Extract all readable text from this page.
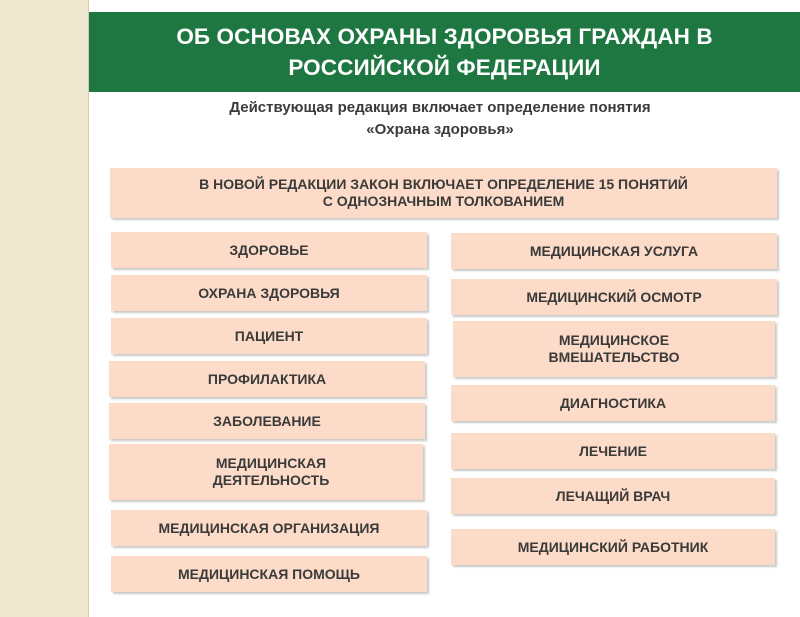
ОБ ОСНОВАХ ОХРАНЫ ЗДОРОВЬЯ ГРАЖДАН В РОССИЙСКОЙ ФЕДЕРАЦИИ
Действующая редакция включает определение понятия
«Охрана здоровья»
В НОВОЙ РЕДАКЦИИ ЗАКОН ВКЛЮЧАЕТ ОПРЕДЕЛЕНИЕ 15 ПОНЯТИЙ
С ОДНОЗНАЧНЫМ ТОЛКОВАНИЕМ
ЗДОРОВЬЕ
ОХРАНА ЗДОРОВЬЯ
ПАЦИЕНТ
ПРОФИЛАКТИКА
ЗАБОЛЕВАНИЕ
МЕДИЦИНСКАЯ ДЕЯТЕЛЬНОСТЬ
МЕДИЦИНСКАЯ ОРГАНИЗАЦИЯ
МЕДИЦИНСКАЯ ПОМОЩЬ
МЕДИЦИНСКАЯ УСЛУГА
МЕДИЦИНСКИЙ ОСМОТР
МЕДИЦИНСКОЕ ВМЕШАТЕЛЬСТВО
ДИАГНОСТИКА
ЛЕЧЕНИЕ
ЛЕЧАЩИЙ ВРАЧ
МЕДИЦИНСКИЙ РАБОТНИК
